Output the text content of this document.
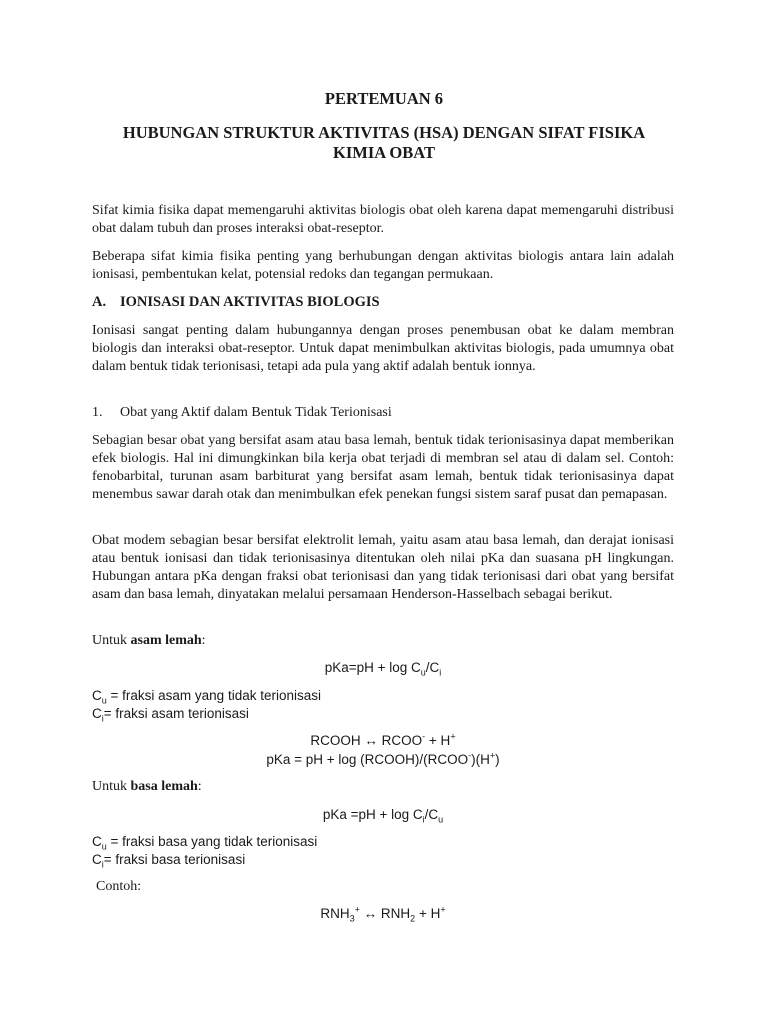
PERTEMUAN 6
HUBUNGAN STRUKTUR AKTIVITAS (HSA) DENGAN SIFAT FISIKA
KIMIA OBAT
Sifat kimia fisika dapat memengaruhi aktivitas biologis obat oleh karena dapat memengaruhi distribusi obat dalam tubuh dan proses interaksi obat-reseptor.
Beberapa sifat kimia fisika penting yang berhubungan dengan aktivitas biologis antara lain adalah ionisasi, pembentukan kelat, potensial redoks dan tegangan permukaan.
A. IONISASI DAN AKTIVITAS BIOLOGIS
Ionisasi sangat penting dalam hubungannya dengan proses penembusan obat ke dalam membran biologis dan interaksi obat-reseptor. Untuk dapat menimbulkan aktivitas biologis, pada umumnya obat dalam bentuk tidak terionisasi, tetapi ada pula yang aktif adalah bentuk ionnya.
1. Obat yang Aktif dalam Bentuk Tidak Terionisasi
Sebagian besar obat yang bersifat asam atau basa lemah, bentuk tidak terionisasinya dapat memberikan efek biologis. Hal ini dimungkinkan bila kerja obat terjadi di membran sel atau di dalam sel. Contoh: fenobarbital, turunan asam barbiturat yang bersifat asam lemah, bentuk tidak terionisasinya dapat menembus sawar darah otak dan menimbulkan efek penekan fungsi sistem saraf pusat dan pemapasan.
Obat modem sebagian besar bersifat elektrolit lemah, yaitu asam atau basa lemah, dan derajat ionisasi atau bentuk ionisasi dan tidak terionisasinya ditentukan oleh nilai pKa dan suasana pH lingkungan. Hubungan antara pKa dengan fraksi obat terionisasi dan yang tidak terionisasi dari obat yang bersifat asam dan basa lemah, dinyatakan melalui persamaan Henderson-Hasselbach sebagai berikut.
Untuk asam lemah:
$pKa=pH + \log C_u/C_i$
$C_u$ = fraksi asam yang tidak terionisasi
$C_i=$ fraksi asam terionisasi
RCOOH ↔ RCOO- + H+
pKa = pH + log (RCOOH)/(RCOO-)(H+)
Untuk basa lemah:
pKa $=pH + \log C_i/C_u$
$C_u$ = fraksi basa yang tidak terionisasi
$C_i=$ fraksi basa terionisasi
Contoh:
$RNH_3^+$ ↔ $RNH_2 + H^+$
